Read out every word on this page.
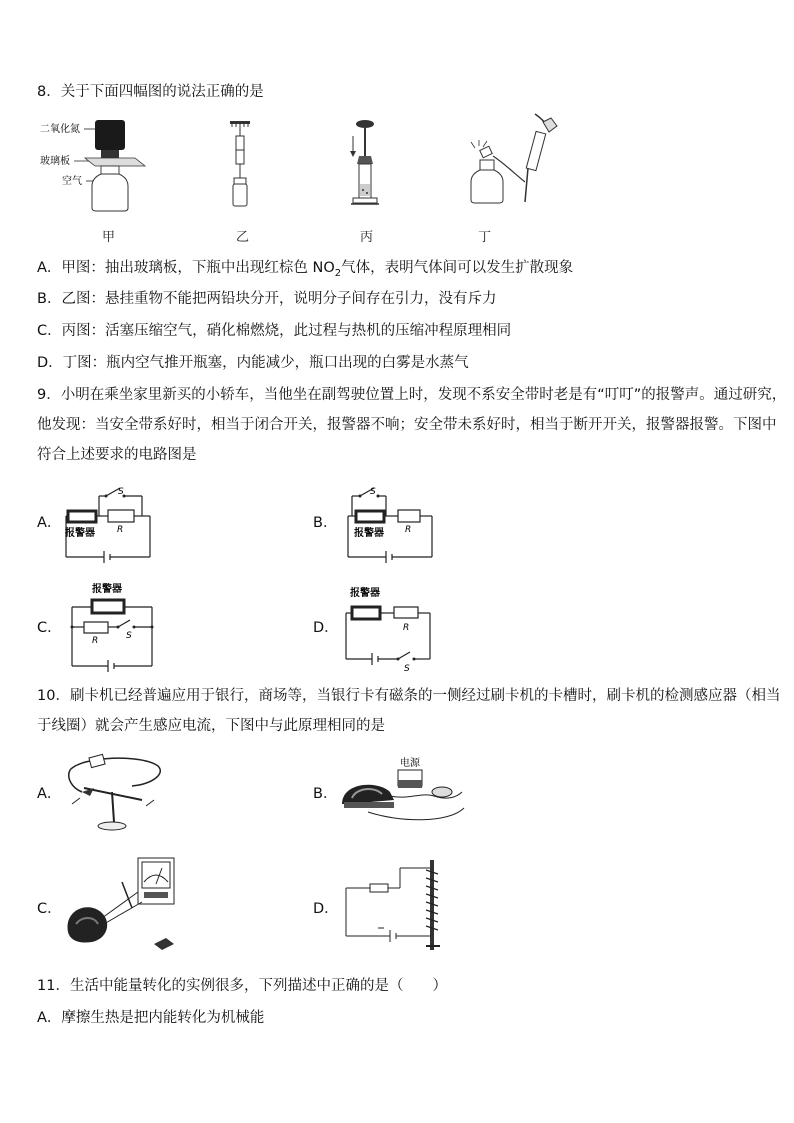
8．关于下面四幅图的说法正确的是
二氧化氮
玻璃板
空气
甲	乙	丙	丁
A．甲图：抽出玻璃板，下瓶中出现红棕色 $NO_2$气体，表明气体间可以发生扩散现象
B．乙图：悬挂重物不能把两铅块分开，说明分子间存在引力，没有斥力
C．丙图：活塞压缩空气，硝化棉燃烧，此过程与热机的压缩冲程原理相同
D．丁图：瓶内空气推开瓶塞，内能减少，瓶口出现的白雾是水蒸气
9．小明在乘坐家里新买的小轿车，当他坐在副驾驶位置上时，发现不系安全带时老是有“叮叮”的报警声。通过研究，
他发现：当安全带系好时，相当于闭合开关，报警器不响；安全带未系好时，相当于断开开关，报警器报警。下图中
符合上述要求的电路图是
A．	B．
C．	D．
报警器 R
S
报警器 R
S
报警器
R	S
报警器
R
S
10．刷卡机已经普遍应用于银行，商场等，当银行卡有磁条的一侧经过刷卡机的卡槽时，刷卡机的检测感应器（相当
于线圈）就会产生感应电流，下图中与此原理相同的是
A．	B．
C．	D．
电源
11．生活中能量转化的实例很多，下列描述中正确的是（　　）
A．摩擦生热是把内能转化为机械能
